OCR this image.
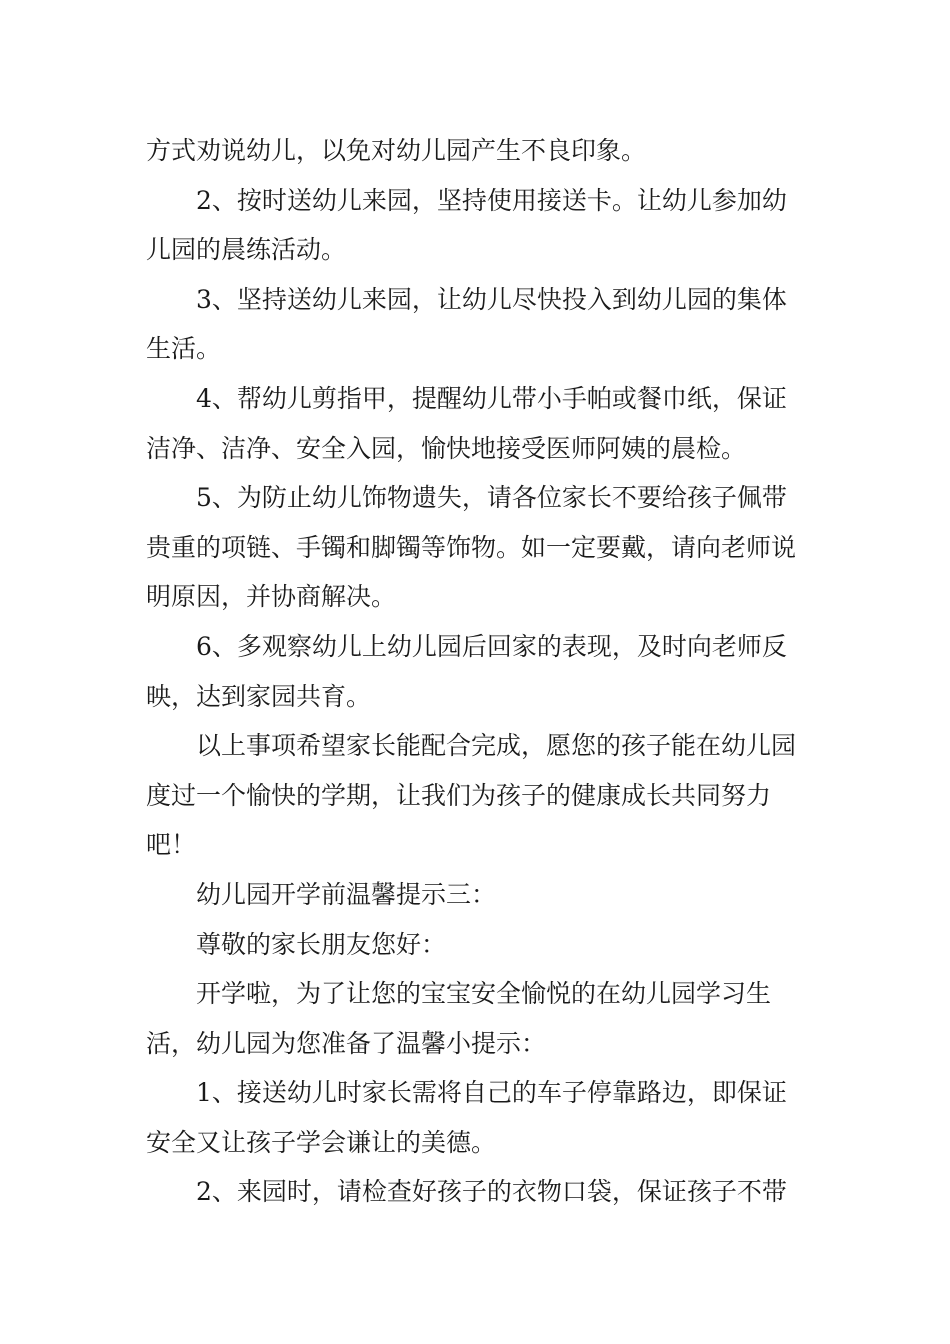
方式劝说幼儿，以免对幼儿园产生不良印象。

2、按时送幼儿来园，坚持使用接送卡。让幼儿参加幼儿园的晨练活动。

3、坚持送幼儿来园，让幼儿尽快投入到幼儿园的集体生活。

4、帮幼儿剪指甲，提醒幼儿带小手帕或餐巾纸，保证洁净、洁净、安全入园，愉快地接受医师阿姨的晨检。

5、为防止幼儿饰物遗失，请各位家长不要给孩子佩带贵重的项链、手镯和脚镯等饰物。如一定要戴，请向老师说明原因，并协商解决。

6、多观察幼儿上幼儿园后回家的表现，及时向老师反映，达到家园共育。

以上事项希望家长能配合完成，愿您的孩子能在幼儿园度过一个愉快的学期，让我们为孩子的健康成长共同努力吧！

幼儿园开学前温馨提示三：

尊敬的家长朋友您好：

开学啦，为了让您的宝宝安全愉悦的在幼儿园学习生活，幼儿园为您准备了温馨小提示：

1、接送幼儿时家长需将自己的车子停靠路边，即保证安全又让孩子学会谦让的美德。

2、来园时，请检查好孩子的衣物口袋，保证孩子不带
